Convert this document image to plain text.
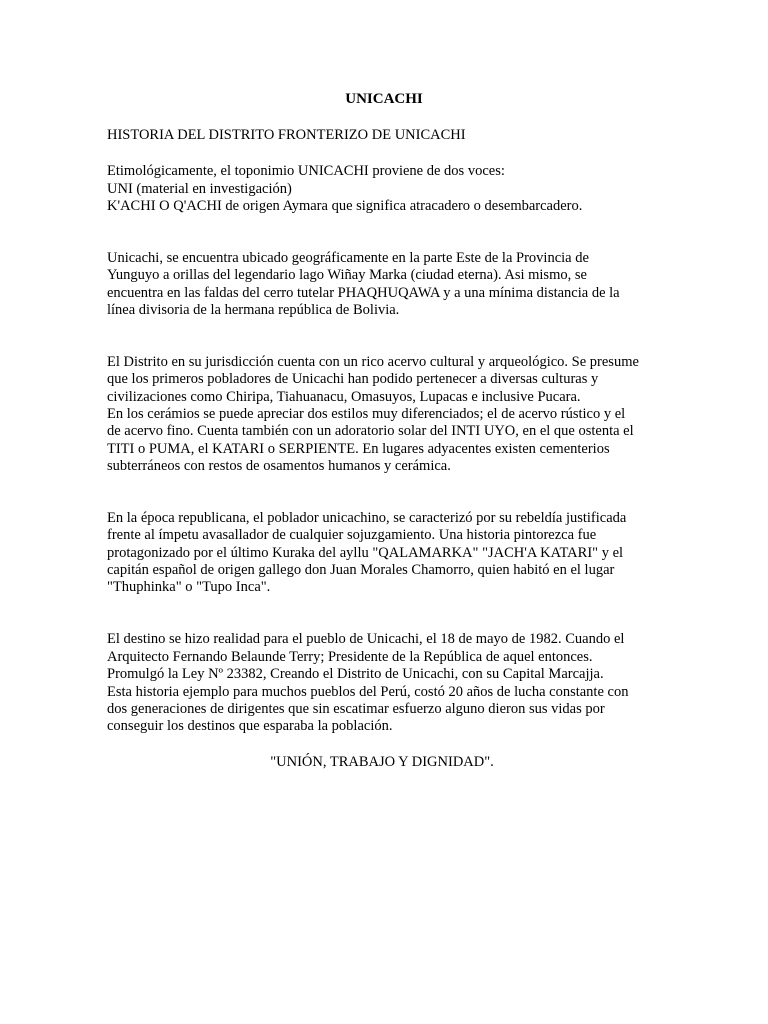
UNICACHI

HISTORIA DEL DISTRITO FRONTERIZO DE UNICACHI

Etimológicamente, el toponimio UNICACHI proviene de dos voces:

UNI (material en investigación)

K'ACHI O Q'ACHI de origen Aymara que significa atracadero o desembarcadero.

Unicachi, se encuentra ubicado geográficamente en la parte Este de la Provincia de

Yunguyo a orillas del legendario lago Wiñay Marka (ciudad eterna). Asi mismo, se

encuentra en las faldas del cerro tutelar PHAQHUQAWA y a una mínima distancia de la

línea divisoria de la hermana república de Bolivia.

El Distrito en su jurisdicción cuenta con un rico acervo cultural y arqueológico. Se presume

que los primeros pobladores de Unicachi han podido pertenecer a diversas culturas y

civilizaciones como Chiripa, Tiahuanacu, Omasuyos, Lupacas e inclusive Pucara.

En los cerámios se puede apreciar dos estilos muy diferenciados; el de acervo rústico y el

de acervo fino. Cuenta también con un adoratorio solar del INTI UYO, en el que ostenta el

TITI o PUMA, el KATARI o SERPIENTE. En lugares adyacentes existen cementerios

subterráneos con restos de osamentos humanos y cerámica.

En la época republicana, el poblador unicachino, se caracterizó por su rebeldía justificada

frente al ímpetu avasallador de cualquier sojuzgamiento. Una historia pintorezca fue

protagonizado por el último Kuraka del ayllu "QALAMARKA" "JACH'A KATARI" y el

capitán español de origen gallego don Juan Morales Chamorro, quien habitó en el lugar

"Thuphinka" o "Tupo Inca".

El destino se hizo realidad para el pueblo de Unicachi, el 18 de mayo de 1982. Cuando el

Arquitecto Fernando Belaunde Terry; Presidente de la República de aquel entonces.

Promulgó la Ley Nº 23382, Creando el Distrito de Unicachi, con su Capital Marcajja.

Esta historia ejemplo para muchos pueblos del Perú, costó 20 años de lucha constante con

dos generaciones de dirigentes que sin escatimar esfuerzo alguno dieron sus vidas por

conseguir los destinos que esparaba la población.

"UNIÓN, TRABAJO Y DIGNIDAD".
